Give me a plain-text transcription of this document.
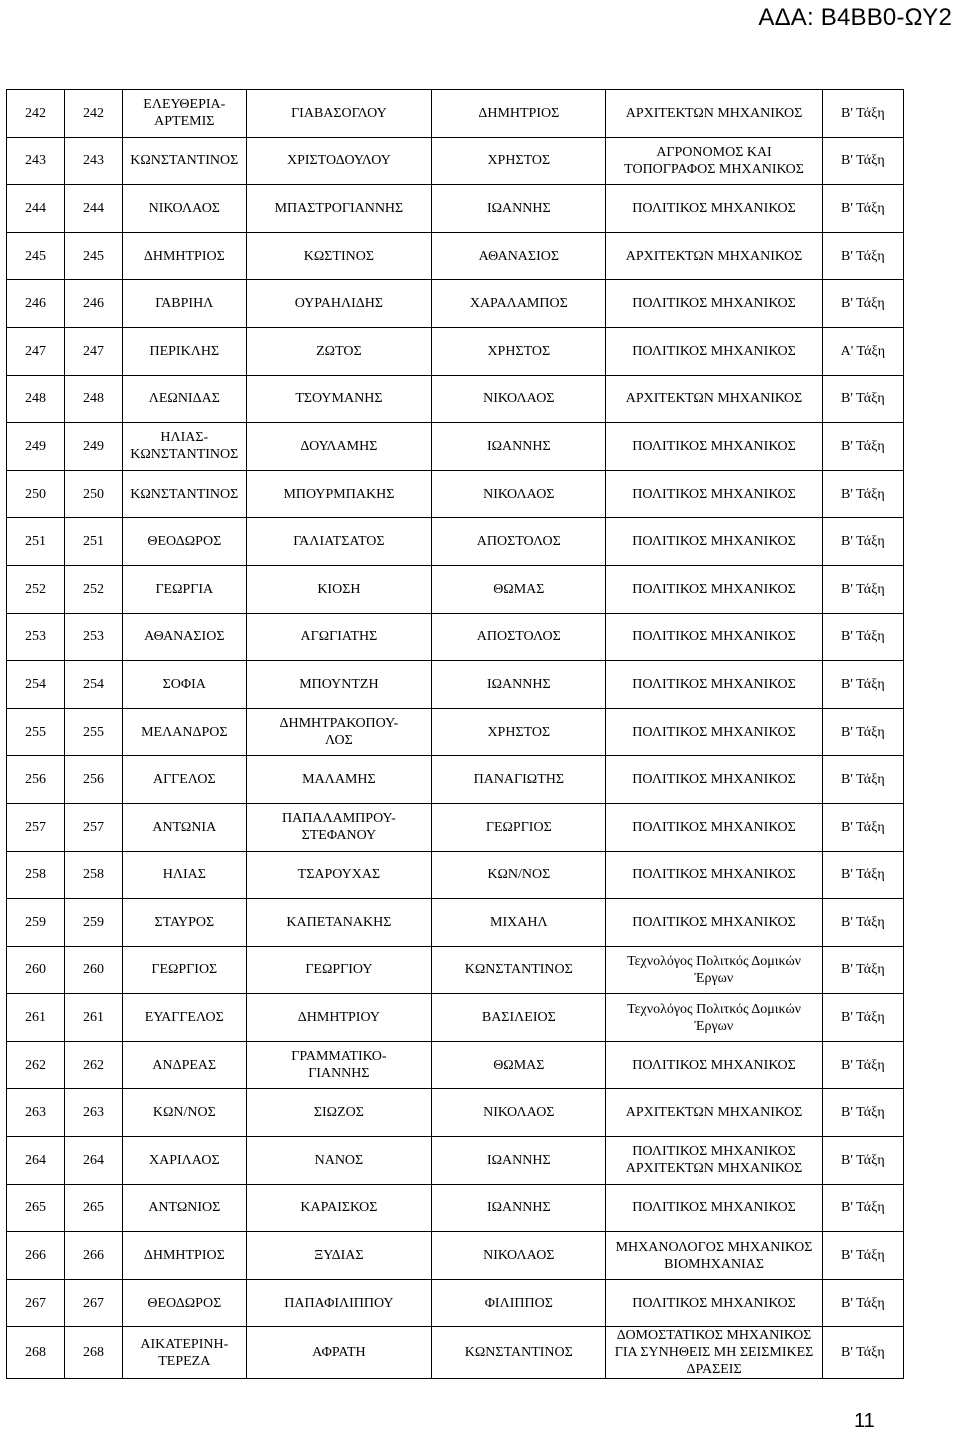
ΑΔΑ: Β4ΒΒ0-ΩΥ2
242	242	ΕΛΕΥΘΕΡΙΑ-
ΑΡΤΕΜΙΣ	ΓΙΑΒΑΣΟΓΛΟΥ	ΔΗΜΗΤΡΙΟΣ	ΑΡΧΙΤΕΚΤΩΝ ΜΗΧΑΝΙΚΟΣ	Β' Τάξη
243	243	ΚΩΝΣΤΑΝΤΙΝΟΣ	ΧΡΙΣΤΟΔΟΥΛΟΥ	ΧΡΗΣΤΟΣ	ΑΓΡΟΝΟΜΟΣ ΚΑΙ
ΤΟΠΟΓΡΑΦΟΣ ΜΗΧΑΝΙΚΟΣ	Β' Τάξη
244	244	ΝΙΚΟΛΑΟΣ	ΜΠΑΣΤΡΟΓΙΑΝΝΗΣ	ΙΩΑΝΝΗΣ	ΠΟΛΙΤΙΚΟΣ ΜΗΧΑΝΙΚΟΣ	Β' Τάξη
245	245	ΔΗΜΗΤΡΙΟΣ	ΚΩΣΤΙΝΟΣ	ΑΘΑΝΑΣΙΟΣ	ΑΡΧΙΤΕΚΤΩΝ ΜΗΧΑΝΙΚΟΣ	Β' Τάξη
246	246	ΓΑΒΡΙΗΛ	ΟΥΡΑΗΛΙΔΗΣ	ΧΑΡΑΛΑΜΠΟΣ	ΠΟΛΙΤΙΚΟΣ ΜΗΧΑΝΙΚΟΣ	Β' Τάξη
247	247	ΠΕΡΙΚΛΗΣ	ΖΩΤΟΣ	ΧΡΗΣΤΟΣ	ΠΟΛΙΤΙΚΟΣ ΜΗΧΑΝΙΚΟΣ	Α' Τάξη
248	248	ΛΕΩΝΙΔΑΣ	ΤΣΟΥΜΑΝΗΣ	ΝΙΚΟΛΑΟΣ	ΑΡΧΙΤΕΚΤΩΝ ΜΗΧΑΝΙΚΟΣ	Β' Τάξη
249	249	ΗΛΙΑΣ-
ΚΩΝΣΤΑΝΤΙΝΟΣ	ΔΟΥΛΑΜΗΣ	ΙΩΑΝΝΗΣ	ΠΟΛΙΤΙΚΟΣ ΜΗΧΑΝΙΚΟΣ	Β' Τάξη
250	250	ΚΩΝΣΤΑΝΤΙΝΟΣ	ΜΠΟΥΡΜΠΑΚΗΣ	ΝΙΚΟΛΑΟΣ	ΠΟΛΙΤΙΚΟΣ ΜΗΧΑΝΙΚΟΣ	Β' Τάξη
251	251	ΘΕΟΔΩΡΟΣ	ΓΑΛΙΑΤΣΑΤΟΣ	ΑΠΟΣΤΟΛΟΣ	ΠΟΛΙΤΙΚΟΣ ΜΗΧΑΝΙΚΟΣ	Β' Τάξη
252	252	ΓΕΩΡΓΙΑ	ΚΙΟΣΗ	ΘΩΜΑΣ	ΠΟΛΙΤΙΚΟΣ ΜΗΧΑΝΙΚΟΣ	Β' Τάξη
253	253	ΑΘΑΝΑΣΙΟΣ	ΑΓΩΓΙΑΤΗΣ	ΑΠΟΣΤΟΛΟΣ	ΠΟΛΙΤΙΚΟΣ ΜΗΧΑΝΙΚΟΣ	Β' Τάξη
254	254	ΣΟΦΙΑ	ΜΠΟΥΝΤΖΗ	ΙΩΑΝΝΗΣ	ΠΟΛΙΤΙΚΟΣ ΜΗΧΑΝΙΚΟΣ	Β' Τάξη
255	255	ΜΕΛΑΝΔΡΟΣ	ΔΗΜΗΤΡΑΚΟΠΟΥ-
ΛΟΣ	ΧΡΗΣΤΟΣ	ΠΟΛΙΤΙΚΟΣ ΜΗΧΑΝΙΚΟΣ	Β' Τάξη
256	256	ΑΓΓΕΛΟΣ	ΜΑΛΑΜΗΣ	ΠΑΝΑΓΙΩΤΗΣ	ΠΟΛΙΤΙΚΟΣ ΜΗΧΑΝΙΚΟΣ	Β' Τάξη
257	257	ΑΝΤΩΝΙΑ	ΠΑΠΑΛΑΜΠΡΟΥ-
ΣΤΕΦΑΝΟΥ	ΓΕΩΡΓΙΟΣ	ΠΟΛΙΤΙΚΟΣ ΜΗΧΑΝΙΚΟΣ	Β' Τάξη
258	258	ΗΛΙΑΣ	ΤΣΑΡΟΥΧΑΣ	ΚΩΝ/ΝΟΣ	ΠΟΛΙΤΙΚΟΣ ΜΗΧΑΝΙΚΟΣ	Β' Τάξη
259	259	ΣΤΑΥΡΟΣ	ΚΑΠΕΤΑΝΑΚΗΣ	ΜΙΧΑΗΛ	ΠΟΛΙΤΙΚΟΣ ΜΗΧΑΝΙΚΟΣ	Β' Τάξη
260	260	ΓΕΩΡΓΙΟΣ	ΓΕΩΡΓΙΟΥ	ΚΩΝΣΤΑΝΤΙΝΟΣ	Τεχνολόγος Πολιτκός Δομικών
Έργων	Β' Τάξη
261	261	ΕΥΑΓΓΕΛΟΣ	ΔΗΜΗΤΡΙΟΥ	ΒΑΣΙΛΕΙΟΣ	Τεχνολόγος Πολιτκός Δομικών
Έργων	Β' Τάξη
262	262	ΑΝΔΡΕΑΣ	ΓΡΑΜΜΑΤΙΚΟ-
ΓΙΑΝΝΗΣ	ΘΩΜΑΣ	ΠΟΛΙΤΙΚΟΣ ΜΗΧΑΝΙΚΟΣ	Β' Τάξη
263	263	ΚΩΝ/ΝΟΣ	ΣΙΩΖΟΣ	ΝΙΚΟΛΑΟΣ	ΑΡΧΙΤΕΚΤΩΝ ΜΗΧΑΝΙΚΟΣ	Β' Τάξη
264	264	ΧΑΡΙΛΑΟΣ	ΝΑΝΟΣ	ΙΩΑΝΝΗΣ	ΠΟΛΙΤΙΚΟΣ ΜΗΧΑΝΙΚΟΣ
ΑΡΧΙΤΕΚΤΩΝ ΜΗΧΑΝΙΚΟΣ	Β' Τάξη
265	265	ΑΝΤΩΝΙΟΣ	ΚΑΡΑΙΣΚΟΣ	ΙΩΑΝΝΗΣ	ΠΟΛΙΤΙΚΟΣ ΜΗΧΑΝΙΚΟΣ	Β' Τάξη
266	266	ΔΗΜΗΤΡΙΟΣ	ΞΥΔΙΑΣ	ΝΙΚΟΛΑΟΣ	ΜΗΧΑΝΟΛΟΓΟΣ ΜΗΧΑΝΙΚΟΣ
ΒΙΟΜΗΧΑΝΙΑΣ	Β' Τάξη
267	267	ΘΕΟΔΩΡΟΣ	ΠΑΠΑΦΙΛΙΠΠΟΥ	ΦΙΛΙΠΠΟΣ	ΠΟΛΙΤΙΚΟΣ ΜΗΧΑΝΙΚΟΣ	Β' Τάξη
268	268	ΑΙΚΑΤΕΡΙΝΗ-
ΤΕΡΕΖΑ	ΑΦΡΑΤΗ	ΚΩΝΣΤΑΝΤΙΝΟΣ	ΔΟΜΟΣΤΑΤΙΚΟΣ ΜΗΧΑΝΙΚΟΣ
ΓΙΑ ΣΥΝΗΘΕΙΣ ΜΗ ΣΕΙΣΜΙΚΕΣ
ΔΡΑΣΕΙΣ	Β' Τάξη
11
